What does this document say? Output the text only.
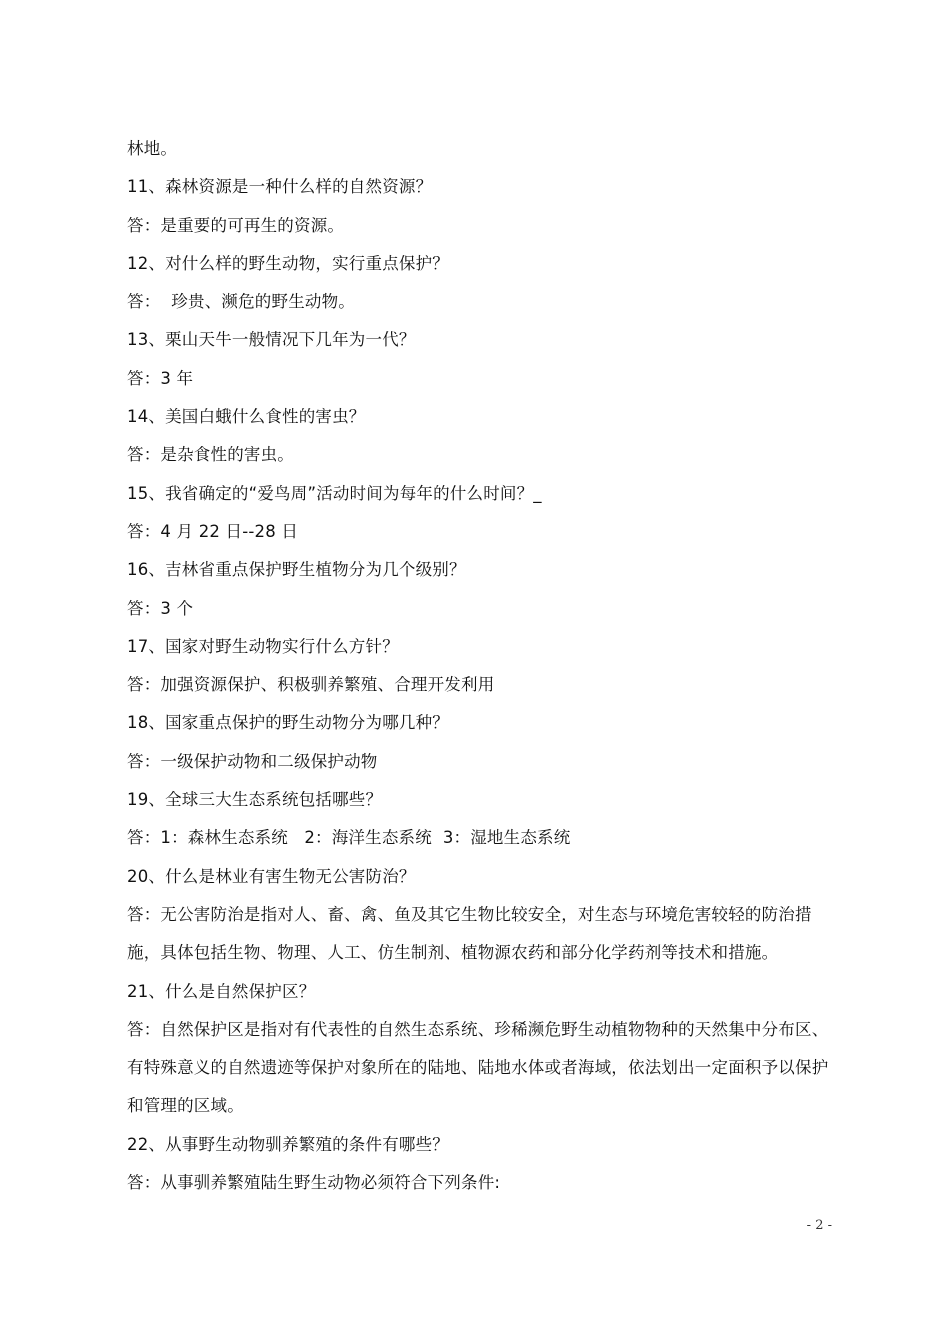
林地。
11、森林资源是一种什么样的自然资源？
答：是重要的可再生的资源。
12、对什么样的野生动物，实行重点保护？
答：  珍贵、濒危的野生动物。
13、栗山天牛一般情况下几年为一代？
答：3 年
14、美国白蛾什么食性的害虫？
答：是杂食性的害虫。
15、我省确定的“爱鸟周”活动时间为每年的什么时间？_
答：4 月 22 日--28 日
16、吉林省重点保护野生植物分为几个级别？
答：3 个
17、国家对野生动物实行什么方针？
答：加强资源保护、积极驯养繁殖、合理开发利用
18、国家重点保护的野生动物分为哪几种？
答：一级保护动物和二级保护动物
19、全球三大生态系统包括哪些？
答：1：森林生态系统   2：海洋生态系统  3：湿地生态系统
20、什么是林业有害生物无公害防治？
答：无公害防治是指对人、畜、禽、鱼及其它生物比较安全，对生态与环境危害较轻的防治措施，具体包括生物、物理、人工、仿生制剂、植物源农药和部分化学药剂等技术和措施。
21、什么是自然保护区？
答：自然保护区是指对有代表性的自然生态系统、珍稀濒危野生动植物物种的天然集中分布区、有特殊意义的自然遗迹等保护对象所在的陆地、陆地水体或者海域，依法划出一定面积予以保护和管理的区域。
22、从事野生动物驯养繁殖的条件有哪些？
答：从事驯养繁殖陆生野生动物必须符合下列条件:
- 2 -
